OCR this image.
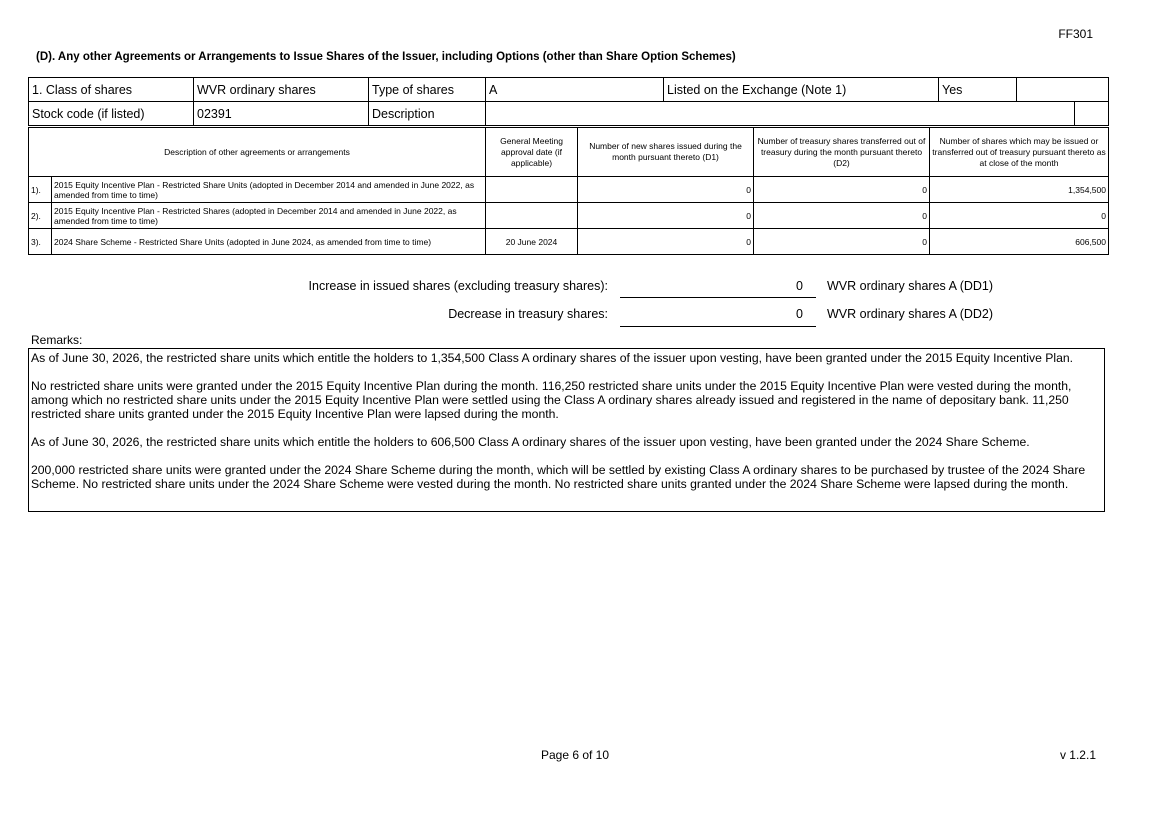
FF301
(D). Any other Agreements or Arrangements to Issue Shares of the Issuer, including Options (other than Share Option Schemes)
1. Class of shares	WVR ordinary shares	Type of shares	A	Listed on the Exchange (Note 1)	Yes		
Stock code (if listed)	02391	Description					
Description of other agreements or arrangements		General Meeting approval date (if applicable)	Number of new shares issued during the month pursuant thereto (D1)	Number of treasury shares transferred out of treasury during the month pursuant thereto (D2)	Number of shares which may be issued or transferred out of treasury pursuant thereto as at close of the month
1).	2015 Equity Incentive Plan - Restricted Share Units (adopted in December 2014 and amended in June 2022, as amended from time to time)		0	0	1,354,500
2).	2015 Equity Incentive Plan - Restricted Shares (adopted in December 2014 and amended in June 2022, as amended from time to time)		0	0	0
3).	2024 Share Scheme - Restricted Share Units (adopted in June 2024, as amended from time to time)	20 June 2024	0	0	606,500
Increase in issued shares (excluding treasury shares):	0 WVR ordinary shares A (DD1)
Decrease in treasury shares:	0 WVR ordinary shares A (DD2)
Remarks:

As of June 30, 2026, the restricted share units which entitle the holders to 1,354,500 Class A ordinary shares of the issuer upon vesting, have been granted under the 2015 Equity Incentive Plan.

No restricted share units were granted under the 2015 Equity Incentive Plan during the month. 116,250 restricted share units under the 2015 Equity Incentive Plan were vested during the month, among which no restricted share units under the 2015 Equity Incentive Plan were settled using the Class A ordinary shares already issued and registered in the name of depositary bank. 11,250 restricted share units granted under the 2015 Equity Incentive Plan were lapsed during the month.

As of June 30, 2026, the restricted share units which entitle the holders to 606,500 Class A ordinary shares of the issuer upon vesting, have been granted under the 2024 Share Scheme.

200,000 restricted share units were granted under the 2024 Share Scheme during the month, which will be settled by existing Class A ordinary shares to be purchased by trustee of the 2024 Share Scheme. No restricted share units under the 2024 Share Scheme were vested during the month. No restricted share units granted under the 2024 Share Scheme were lapsed during the month.

Page 6 of 10	v 1.2.1
